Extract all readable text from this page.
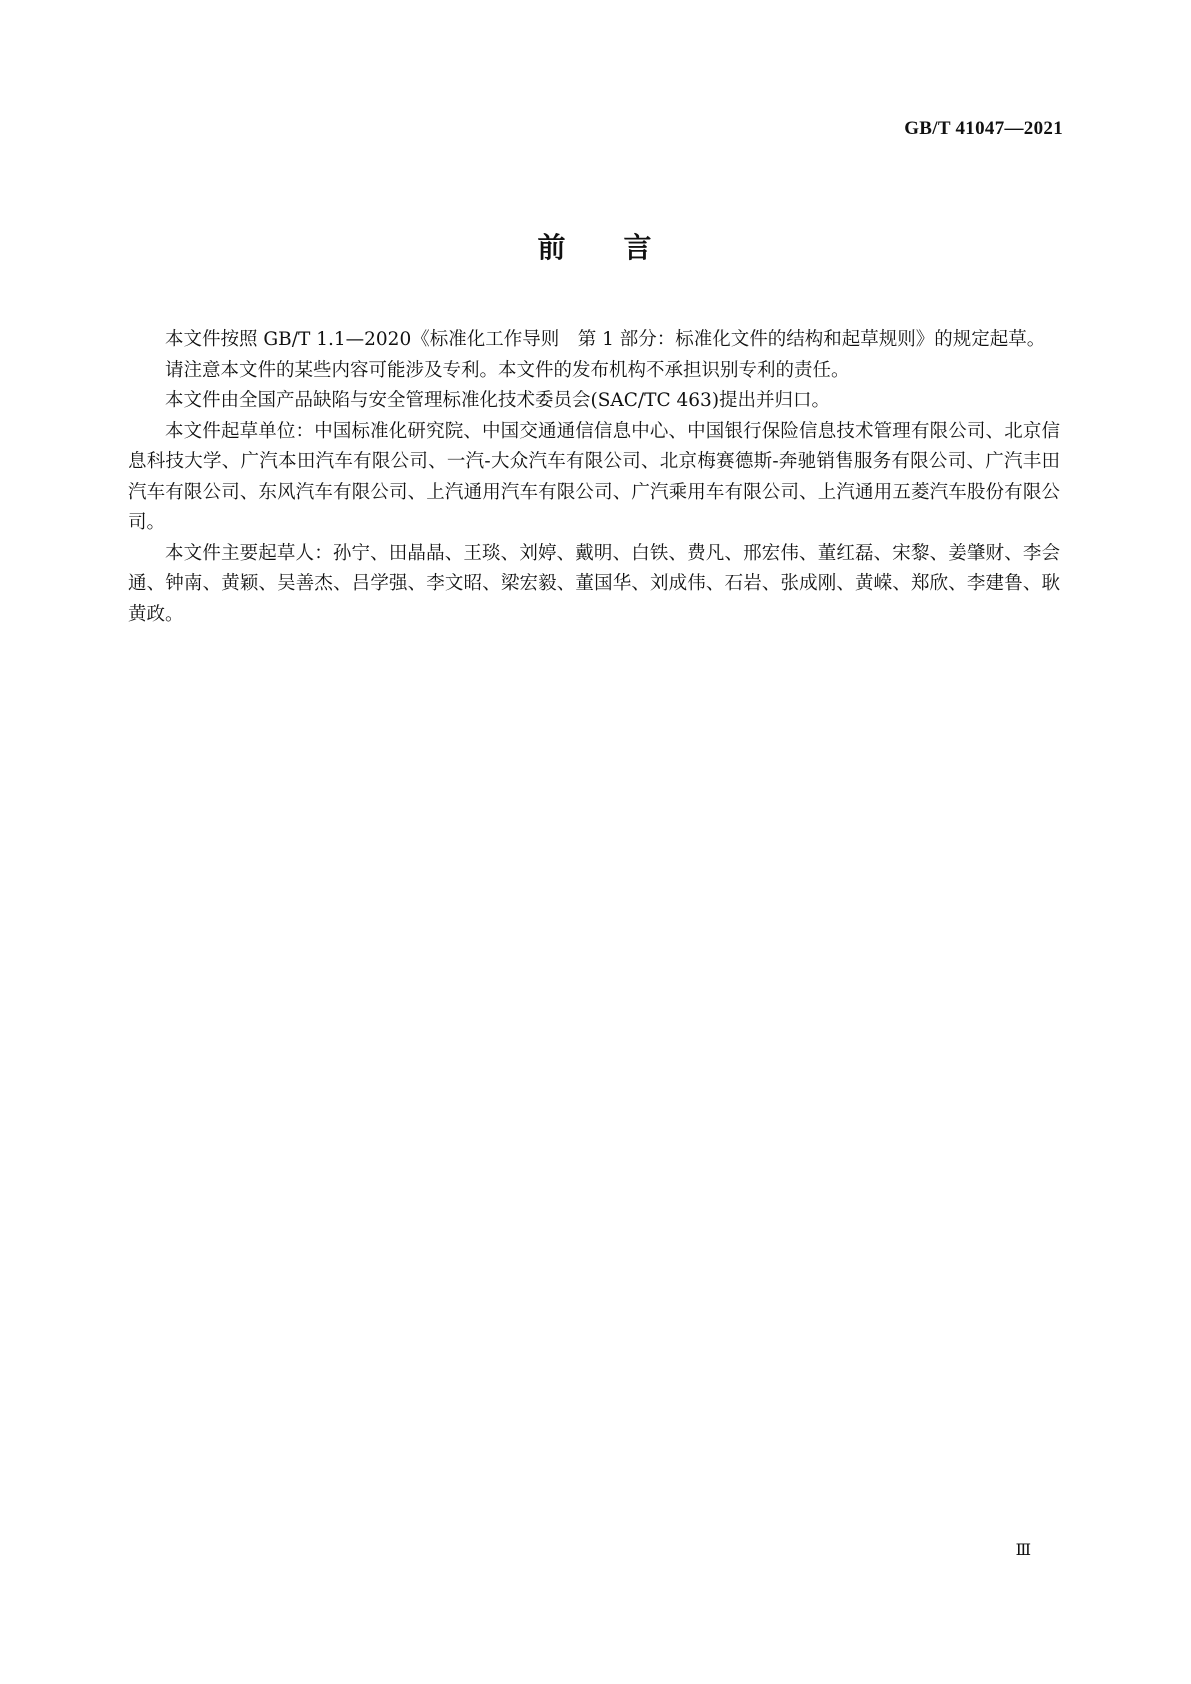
GB/T 41047—2021
前 言

本文件按照 GB/T 1.1—2020《标准化工作导则　第 1 部分：标准化文件的结构和起草规则》的规定起草。

请注意本文件的某些内容可能涉及专利。本文件的发布机构不承担识别专利的责任。

本文件由全国产品缺陷与安全管理标准化技术委员会(SAC/TC 463)提出并归口。

本文件起草单位：中国标准化研究院、中国交通通信信息中心、中国银行保险信息技术管理有限公司、北京信息科技大学、广汽本田汽车有限公司、一汽-大众汽车有限公司、北京梅赛德斯-奔驰销售服务有限公司、广汽丰田汽车有限公司、东风汽车有限公司、上汽通用汽车有限公司、广汽乘用车有限公司、上汽通用五菱汽车股份有限公司。

本文件主要起草人：孙宁、田晶晶、王琰、刘婷、戴明、白铁、费凡、邢宏伟、董红磊、宋黎、姜肇财、李会通、钟南、黄颖、吴善杰、吕学强、李文昭、梁宏毅、董国华、刘成伟、石岩、张成刚、黄嵘、郑欣、李建鲁、耿黄政。

Ⅲ
